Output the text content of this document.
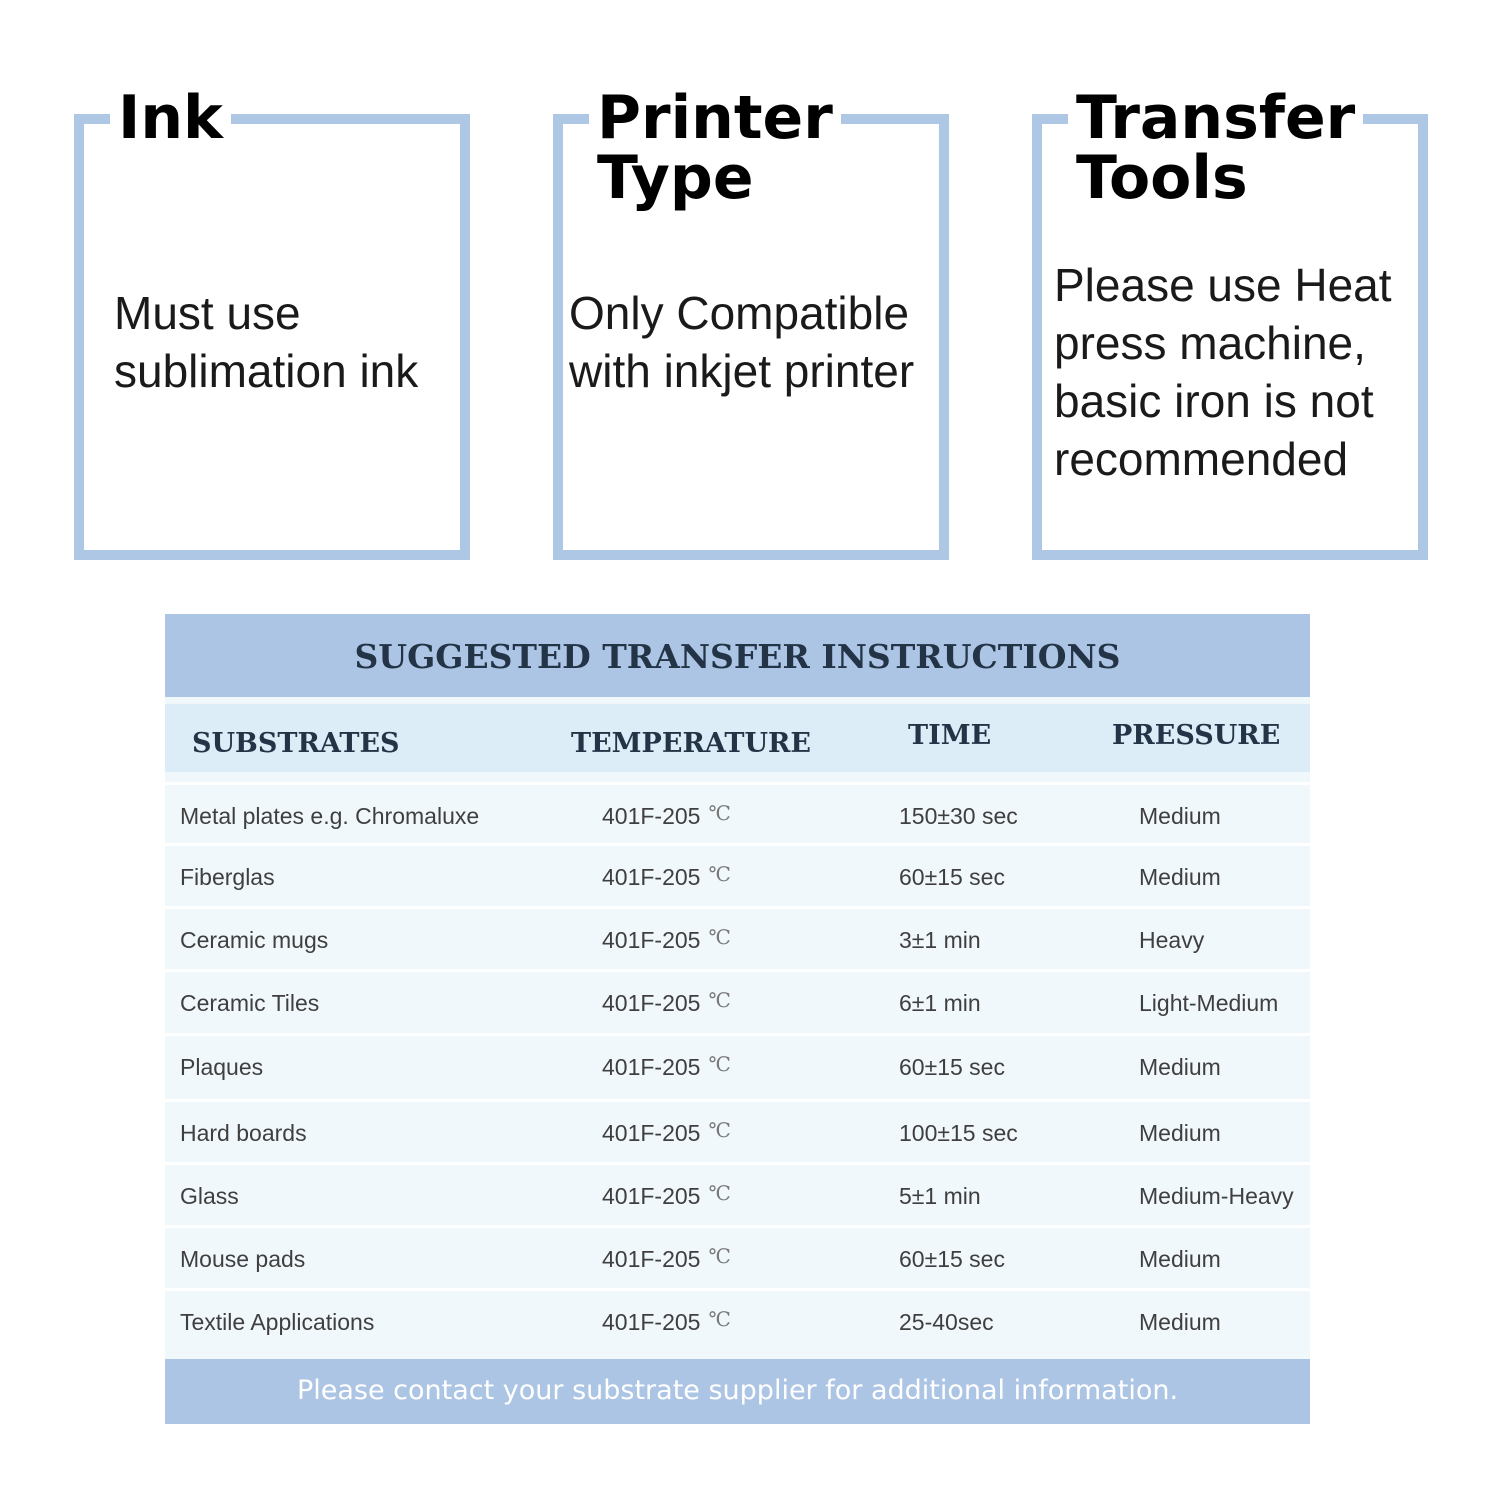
Ink

Must use
sublimation ink

Printer
Type

Only Compatible
with inkjet printer

Transfer
Tools

Please use Heat
press machine,
basic iron is not
recommended

SUGGESTED TRANSFER INSTRUCTIONS
SUBSTRATES	TEMPERATURE	TIME	PRESSURE
Metal plates e.g. Chromaluxe	401F-205 ℃	150±30 sec	Medium
Fiberglas	401F-205 ℃	60±15 sec	Medium
Ceramic mugs	401F-205 ℃	3±1 min	Heavy
Ceramic Tiles	401F-205 ℃	6±1 min	Light-Medium
Plaques	401F-205 ℃	60±15 sec	Medium
Hard boards	401F-205 ℃	100±15 sec	Medium
Glass	401F-205 ℃	5±1 min	Medium-Heavy
Mouse pads	401F-205 ℃	60±15 sec	Medium
Textile Applications	401F-205 ℃	25-40sec	Medium
Please contact your substrate supplier for additional information.
